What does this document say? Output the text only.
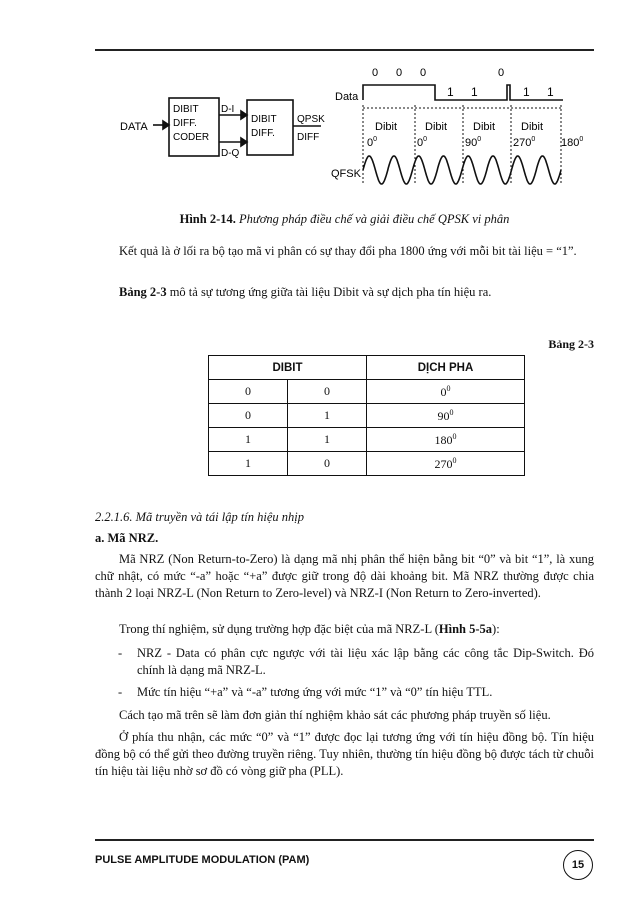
DATA
DIBIT
DIFF.
CODER
D-I
D-Q
DIBIT
DIFF.
QPSK
DIFF
Data
QFSK
0 0 0	0
1 1	1 1
Dibit	Dibit Dibit Dibit
$0^0$	$0^0$	$90^0$	$270^0$ $180^0$
Hình 2-14. Phương pháp điều chế và giải điều chế QPSK vi phân
Kết quả là ở lối ra bộ tạo mã vi phân có sự thay đổi pha 1800 ứng với mỗi bit tài liệu = “1”.
Bảng 2-3 mô tả sự tương ứng giữa tài liệu Dibit và sự dịch pha tín hiệu ra.
Bảng 2-3
DIBIT		DỊCH PHA
0	0	$0^0$
0	1	$90^0$
1	1	$180^0$
1	0	$270^0$
2.2.1.6. Mã truyền và tái lập tín hiệu nhịp
a. Mã NRZ.
Mã NRZ (Non Return-to-Zero) là dạng mã nhị phân thể hiện bằng bit “0” và bit “1”, là xung chữ nhật, có mức “-a” hoặc “+a” được giữ trong độ dài khoảng bit. Mã NRZ thường được chia thành 2 loại NRZ-L (Non Return to Zero-level) và NRZ-I (Non Return to Zero-inverted).
Trong thí nghiệm, sử dụng trường hợp đặc biệt của mã NRZ-L (Hình 5-5a):
- NRZ - Data có phân cực ngược với tài liệu xác lập bằng các công tắc Dip-Switch. Đó chính là dạng mã NRZ-L.
- Mức tín hiệu “+a” và “-a” tương ứng với mức “1” và “0” tín hiệu TTL.
Cách tạo mã trên sẽ làm đơn giản thí nghiệm khảo sát các phương pháp truyền số liệu.
Ở phía thu nhận, các mức “0” và “1” được đọc lại tương ứng với tín hiệu đồng bộ. Tín hiệu đồng bộ có thể gửi theo đường truyền riêng. Tuy nhiên, thường tín hiệu đồng bộ được tách từ chuỗi tín hiệu tài liệu nhờ sơ đồ có vòng giữ pha (PLL).
PULSE AMPLITUDE MODULATION (PAM)	15
